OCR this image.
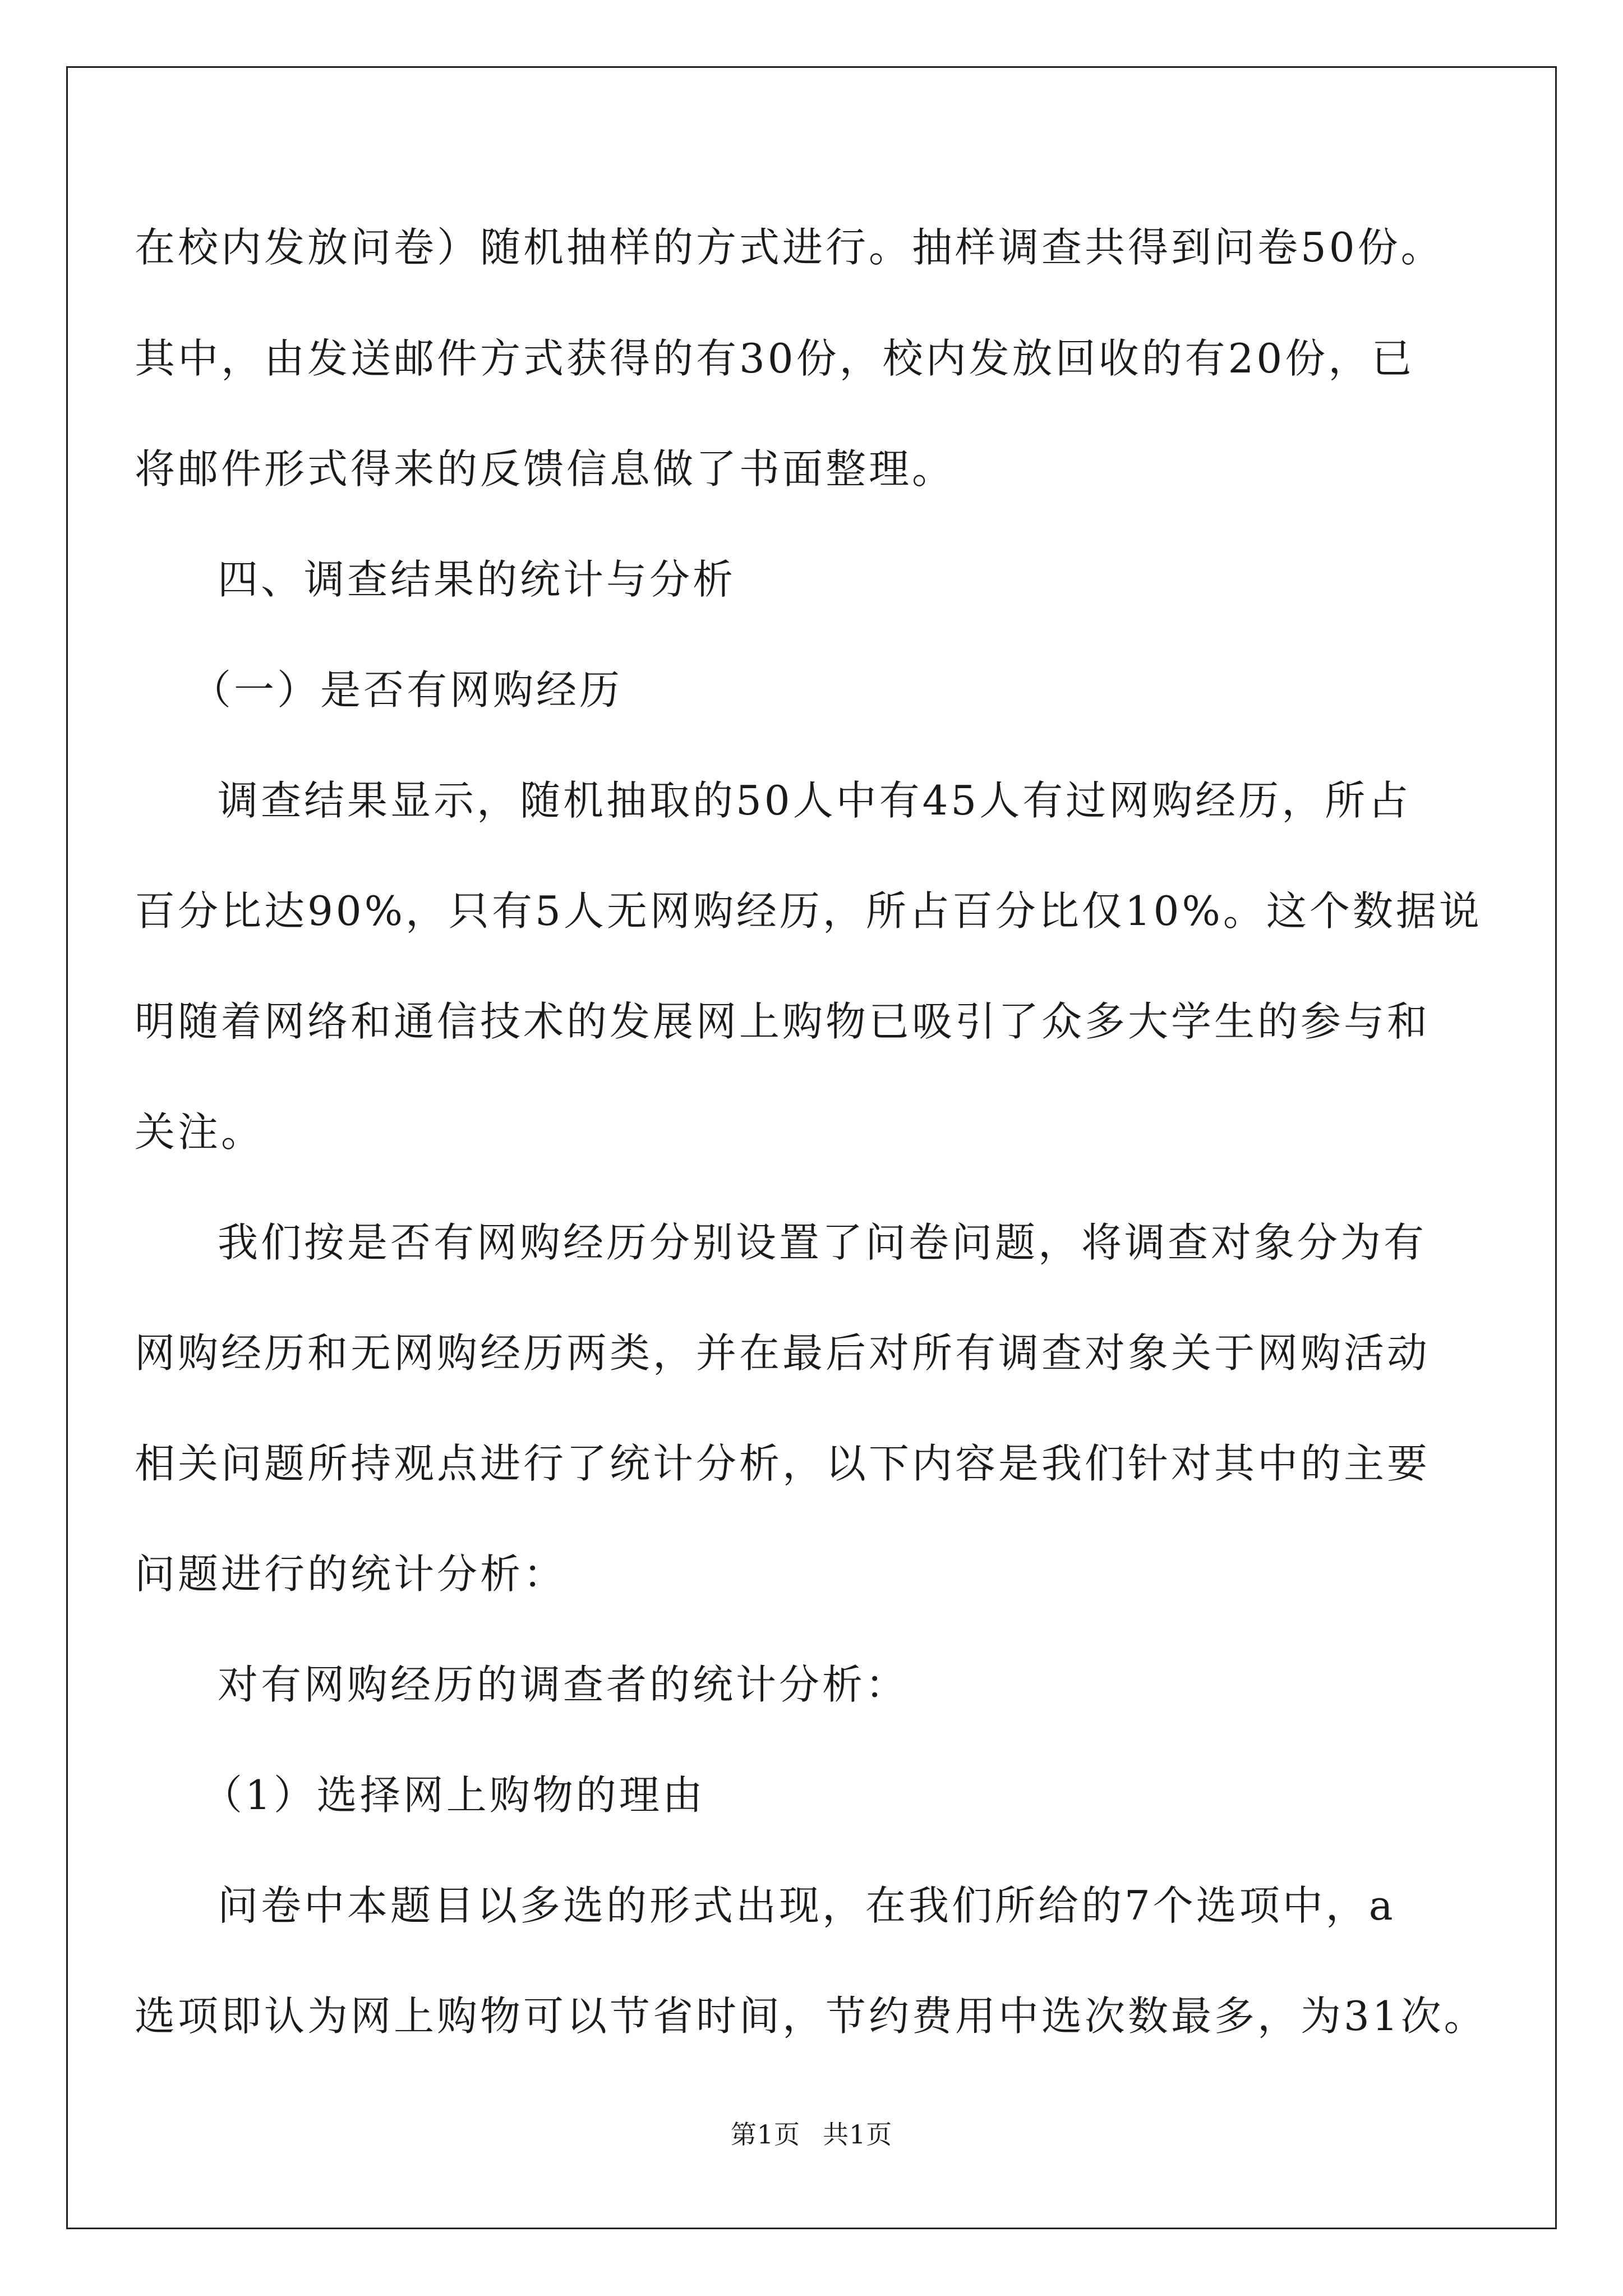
在校内发放问卷）随机抽样的方式进行。抽样调查共得到问卷50份。

其中，由发送邮件方式获得的有30份，校内发放回收的有20份，已

将邮件形式得来的反馈信息做了书面整理。

四、调查结果的统计与分析

（一）是否有网购经历

调查结果显示，随机抽取的50人中有45人有过网购经历，所占

百分比达90%，只有5人无网购经历，所占百分比仅10%。这个数据说

明随着网络和通信技术的发展网上购物已吸引了众多大学生的参与和

关注。

我们按是否有网购经历分别设置了问卷问题，将调查对象分为有

网购经历和无网购经历两类，并在最后对所有调查对象关于网购活动

相关问题所持观点进行了统计分析，以下内容是我们针对其中的主要

问题进行的统计分析：

对有网购经历的调查者的统计分析：

（1）选择网上购物的理由

问卷中本题目以多选的形式出现，在我们所给的7个选项中，a

选项即认为网上购物可以节省时间，节约费用中选次数最多，为31次。

第1页 共1页
